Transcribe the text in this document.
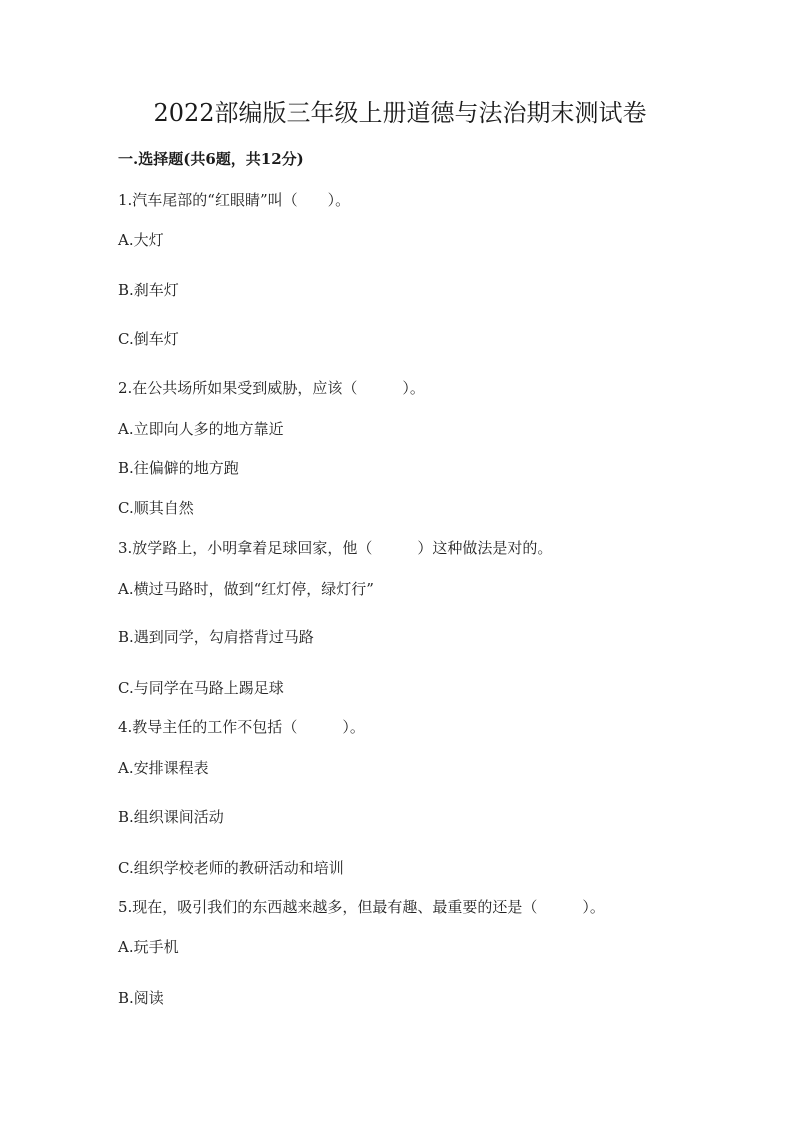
2022部编版三年级上册道德与法治期末测试卷
一.选择题(共6题，共12分)
1.汽车尾部的“红眼睛”叫（　　）。
A.大灯
B.刹车灯
C.倒车灯
2.在公共场所如果受到威胁，应该（　　　）。
A.立即向人多的地方靠近
B.往偏僻的地方跑
C.顺其自然
3.放学路上，小明拿着足球回家，他（　　　）这种做法是对的。
A.横过马路时，做到“红灯停，绿灯行”
B.遇到同学，勾肩搭背过马路
C.与同学在马路上踢足球
4.教导主任的工作不包括（　　　）。
A.安排课程表
B.组织课间活动
C.组织学校老师的教研活动和培训
5.现在，吸引我们的东西越来越多，但最有趣、最重要的还是（　　　）。
A.玩手机
B.阅读
